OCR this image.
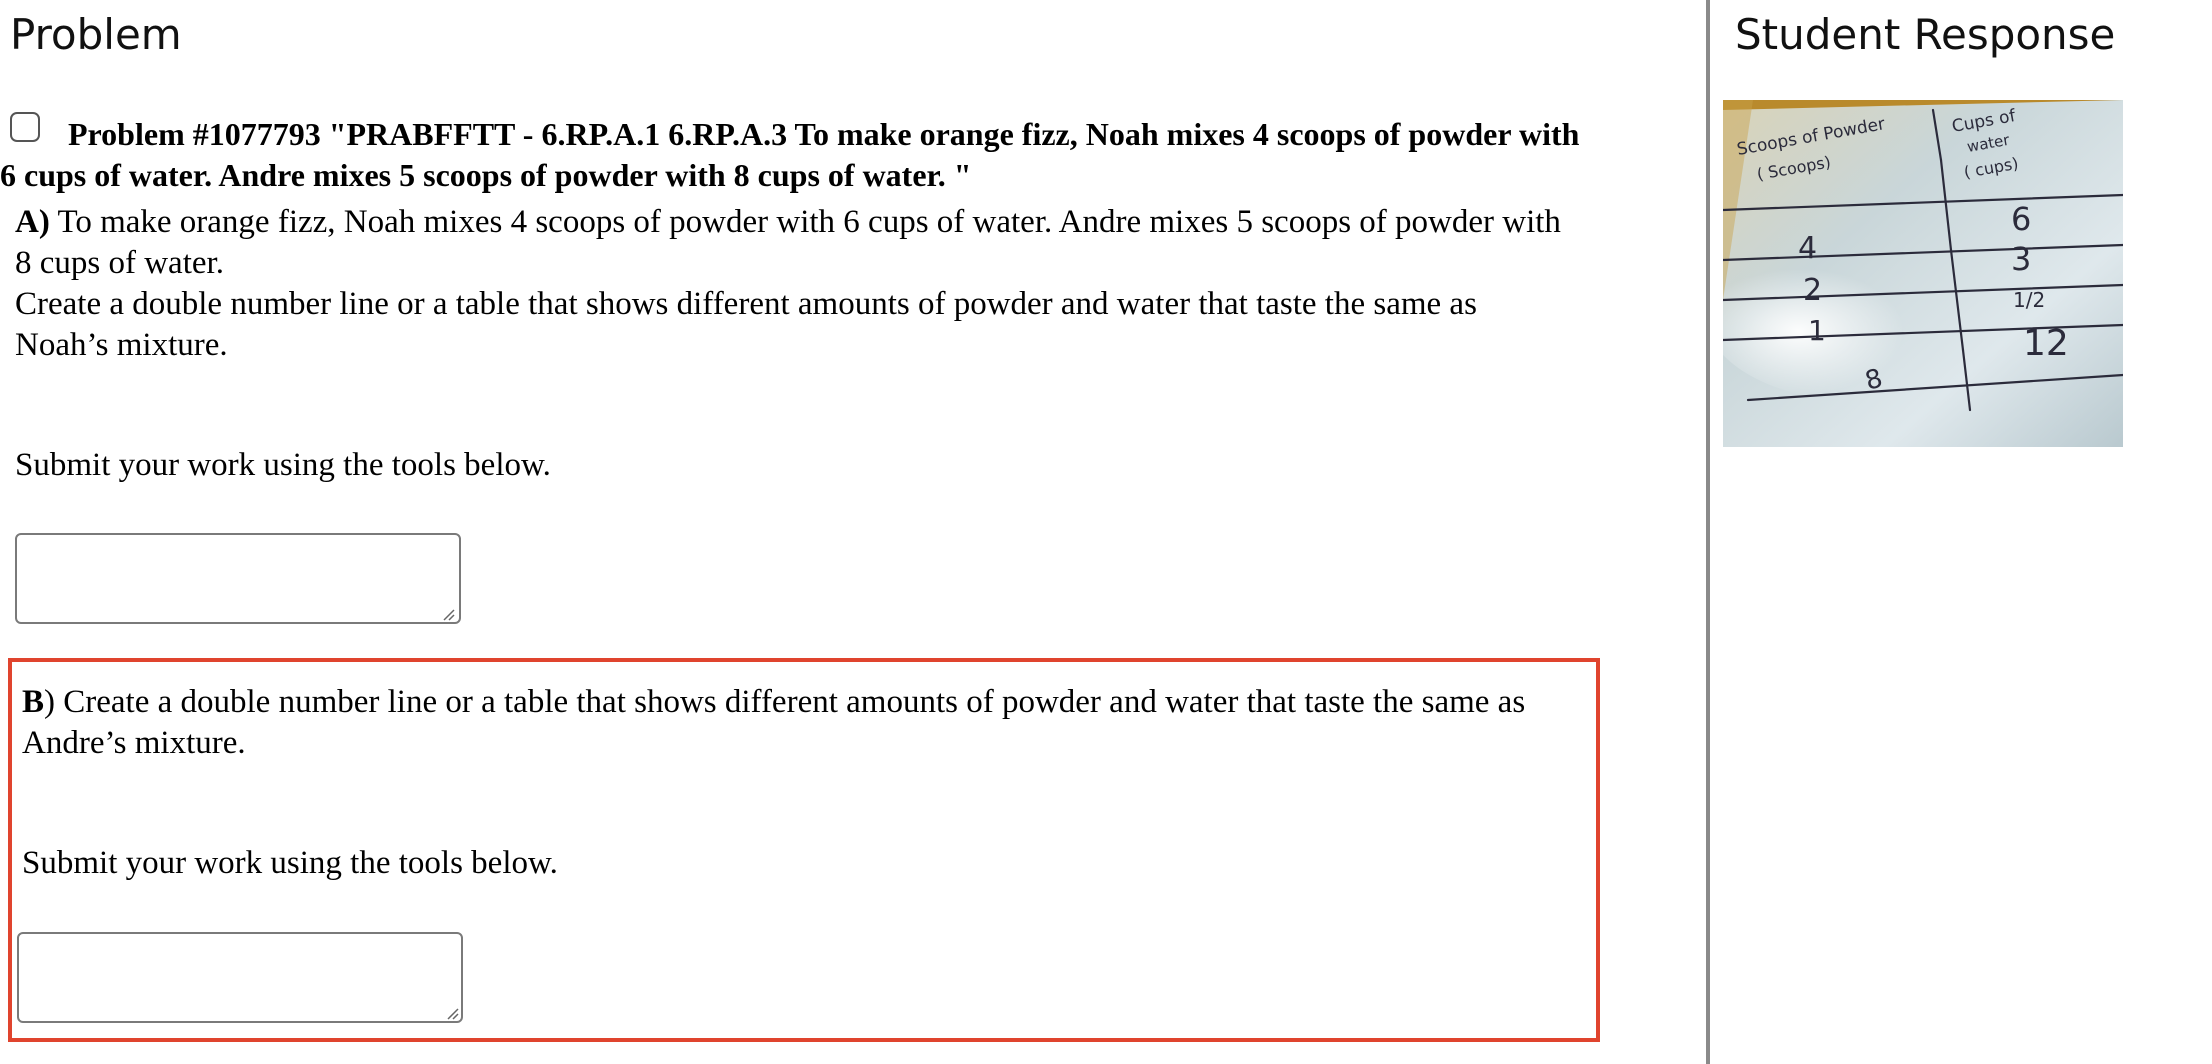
Problem

Problem #1077793 "PRABFFTT - 6.RP.A.1 6.RP.A.3 To make orange fizz, Noah mixes 4 scoops of powder with 6 cups of water. Andre mixes 5 scoops of powder with 8 cups of water. "

A) To make orange fizz, Noah mixes 4 scoops of powder with 6 cups of water. Andre mixes 5 scoops of powder with 8 cups of water.

Create a double number line or a table that shows different amounts of powder and water that taste the same as Noah’s mixture.

Submit your work using the tools below.

B) Create a double number line or a table that shows different amounts of powder and water that taste the same as Andre’s mixture.

Submit your work using the tools below.

Student Response
Scoops of Powder
( Scoops)
Cups of
water
( cups)
4
6
2
3
1
1/2
8
12
